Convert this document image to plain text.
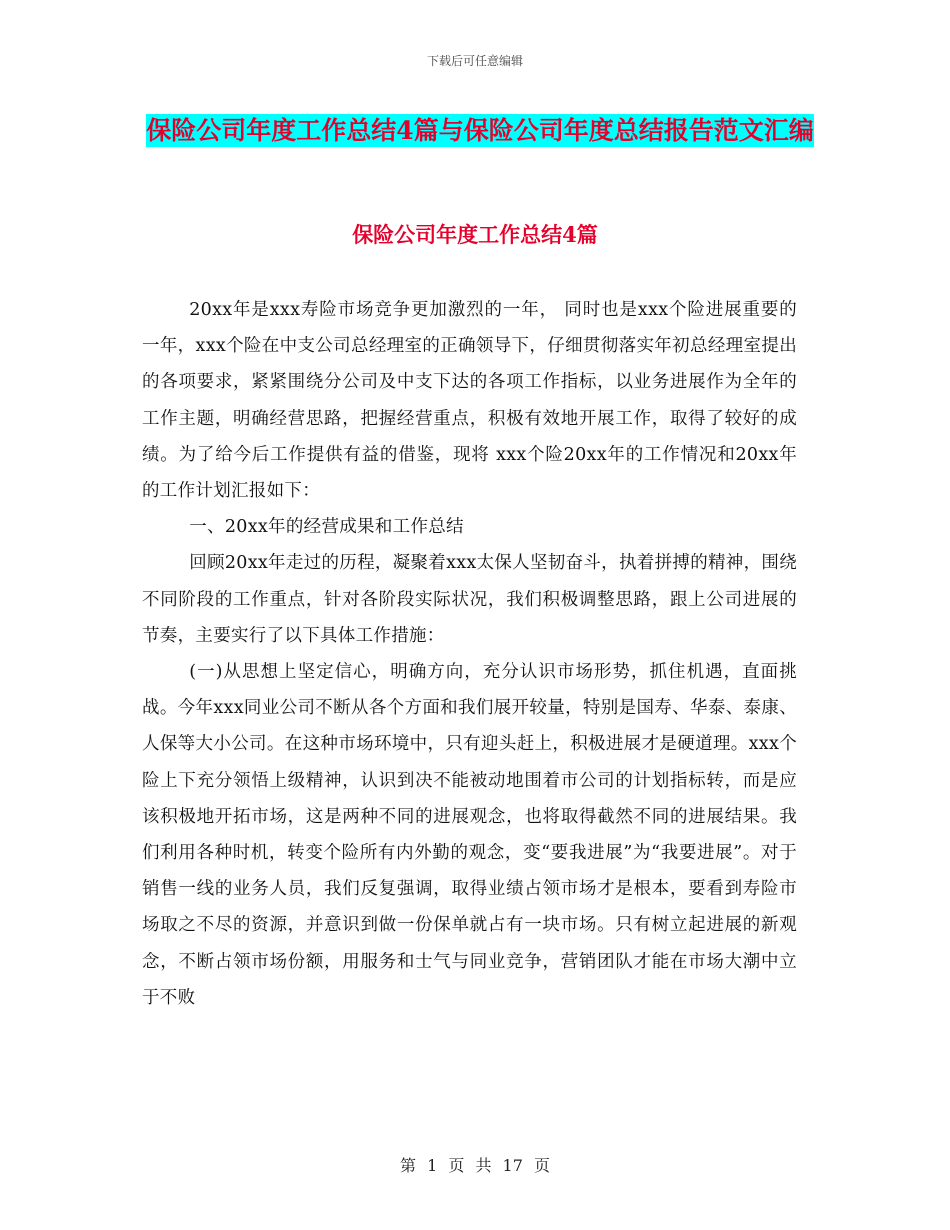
下载后可任意编辑
保险公司年度工作总结4篇与保险公司年度总结报告范文汇编
保险公司年度工作总结4篇

20xx年是xxx寿险市场竞争更加激烈的一年， 同时也是xxx个险进展重要的一年，xxx个险在中支公司总经理室的正确领导下，仔细贯彻落实年初总经理室提出的各项要求，紧紧围绕分公司及中支下达的各项工作指标，以业务进展作为全年的工作主题，明确经营思路，把握经营重点，积极有效地开展工作，取得了较好的成绩。为了给今后工作提供有益的借鉴，现将 xxx个险20xx年的工作情况和20xx年的工作计划汇报如下：

一、20xx年的经营成果和工作总结

回顾20xx年走过的历程，凝聚着xxx太保人坚韧奋斗，执着拼搏的精神，围绕不同阶段的工作重点，针对各阶段实际状况，我们积极调整思路，跟上公司进展的节奏，主要实行了以下具体工作措施：

(一)从思想上坚定信心，明确方向，充分认识市场形势，抓住机遇，直面挑战。今年xxx同业公司不断从各个方面和我们展开较量，特别是国寿、华泰、泰康、人保等大小公司。在这种市场环境中，只有迎头赶上，积极进展才是硬道理。xxx个险上下充分领悟上级精神，认识到决不能被动地围着市公司的计划指标转，而是应该积极地开拓市场，这是两种不同的进展观念，也将取得截然不同的进展结果。我们利用各种时机，转变个险所有内外勤的观念，变“要我进展”为“我要进展”。对于销售一线的业务人员，我们反复强调，取得业绩占领市场才是根本，要看到寿险市场取之不尽的资源，并意识到做一份保单就占有一块市场。只有树立起进展的新观念，不断占领市场份额，用服务和士气与同业竞争，营销团队才能在市场大潮中立于不败

第 1 页 共 17 页
